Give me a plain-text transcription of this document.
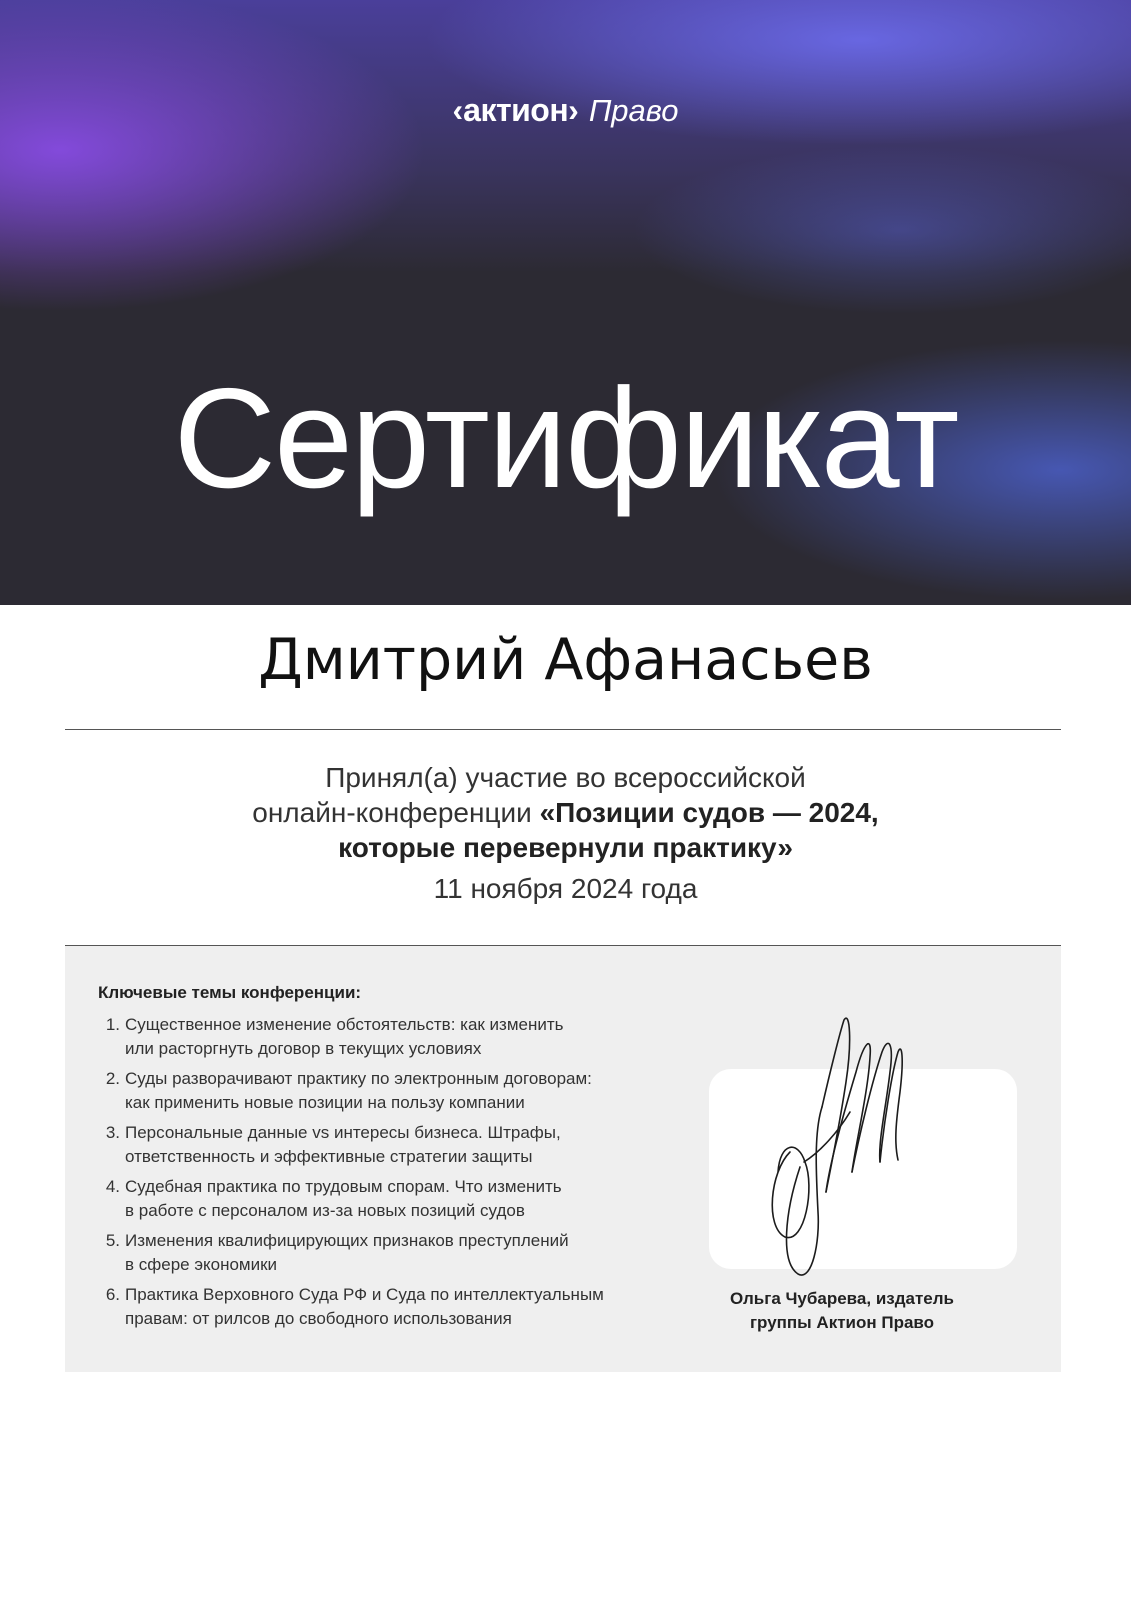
‹актион› Право
Сертификат
Дмитрий Афанасьев
Принял(а) участие во всероссийской
онлайн-конференции «Позиции судов — 2024,
которые перевернули практику»
11 ноября 2024 года
Ключевые темы конференции:
1. Существенное изменение обстоятельств: как изменить
или расторгнуть договор в текущих условиях
2. Суды разворачивают практику по электронным договорам:
как применить новые позиции на пользу компании
3. Персональные данные vs интересы бизнеса. Штрафы,
ответственность и эффективные стратегии защиты
4. Судебная практика по трудовым спорам. Что изменить
в работе с персоналом из-за новых позиций судов
5. Изменения квалифицирующих признаков преступлений
в сфере экономики
6. Практика Верховного Суда РФ и Суда по интеллектуальным
правам: от рилсов до свободного использования
Ольга Чубарева, издатель
группы Актион Право
